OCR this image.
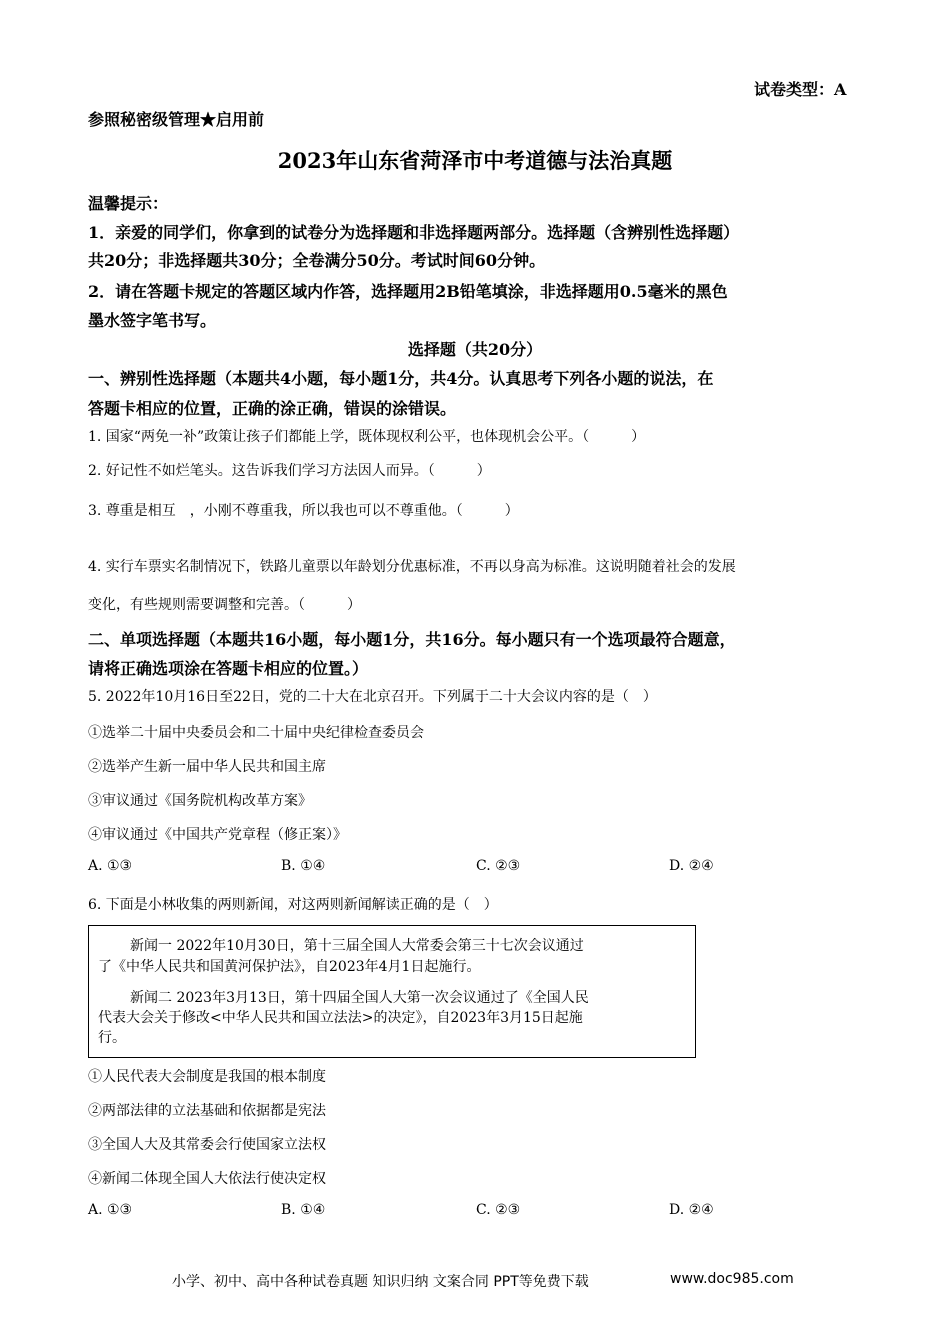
试卷类型：A
参照秘密级管理★启用前
2023年山东省菏泽市中考道德与法治真题
温馨提示：
1．亲爱的同学们，你拿到的试卷分为选择题和非选择题两部分。选择题（含辨别性选择题）
共20分；非选择题共30分；全卷满分50分。考试时间60分钟。
2．请在答题卡规定的答题区域内作答，选择题用2B铅笔填涂，非选择题用0.5毫米的黑色
墨水签字笔书写。
选择题（共20分）
一、辨别性选择题（本题共4小题，每小题1分，共4分。认真思考下列各小题的说法，在
答题卡相应的位置，正确的涂正确，错误的涂错误。
1. 国家“两免一补”政策让孩子们都能上学，既体现权利公平，也体现机会公平。（　　　）
2. 好记性不如烂笔头。这告诉我们学习方法因人而异。（　　　）
3. 尊重是相互　，小刚不尊重我，所以我也可以不尊重他。（　　　）
4. 实行车票实名制情况下，铁路儿童票以年龄划分优惠标准，不再以身高为标准。这说明随着社会的发展
变化，有些规则需要调整和完善。（　　　）
二、单项选择题（本题共16小题，每小题1分，共16分。每小题只有一个选项最符合题意，
请将正确选项涂在答题卡相应的位置。）
5. 2022年10月16日至22日，党的二十大在北京召开。下列属于二十大会议内容的是（　）
①选举二十届中央委员会和二十届中央纪律检查委员会
②选举产生新一届中华人民共和国主席
③审议通过《国务院机构改革方案》
④审议通过《中国共产党章程（修正案）》
A. ①③	B. ①④	C. ②③	D. ②④
6. 下面是小林收集的两则新闻，对这两则新闻解读正确的是（　）
新闻一 2022年10月30日，第十三届全国人大常委会第三十七次会议通过
了《中华人民共和国黄河保护法》，自2023年4月1日起施行。
新闻二 2023年3月13日，第十四届全国人大第一次会议通过了《全国人民
代表大会关于修改<中华人民共和国立法法>的决定》，自2023年3月15日起施
行。
①人民代表大会制度是我国的根本制度
②两部法律的立法基础和依据都是宪法
③全国人大及其常委会行使国家立法权
④新闻二体现全国人大依法行使决定权
A. ①③	B. ①④	C. ②③	D. ②④
小学、初中、高中各种试卷真题 知识归纳 文案合同 PPT等免费下载	www.doc985.com
